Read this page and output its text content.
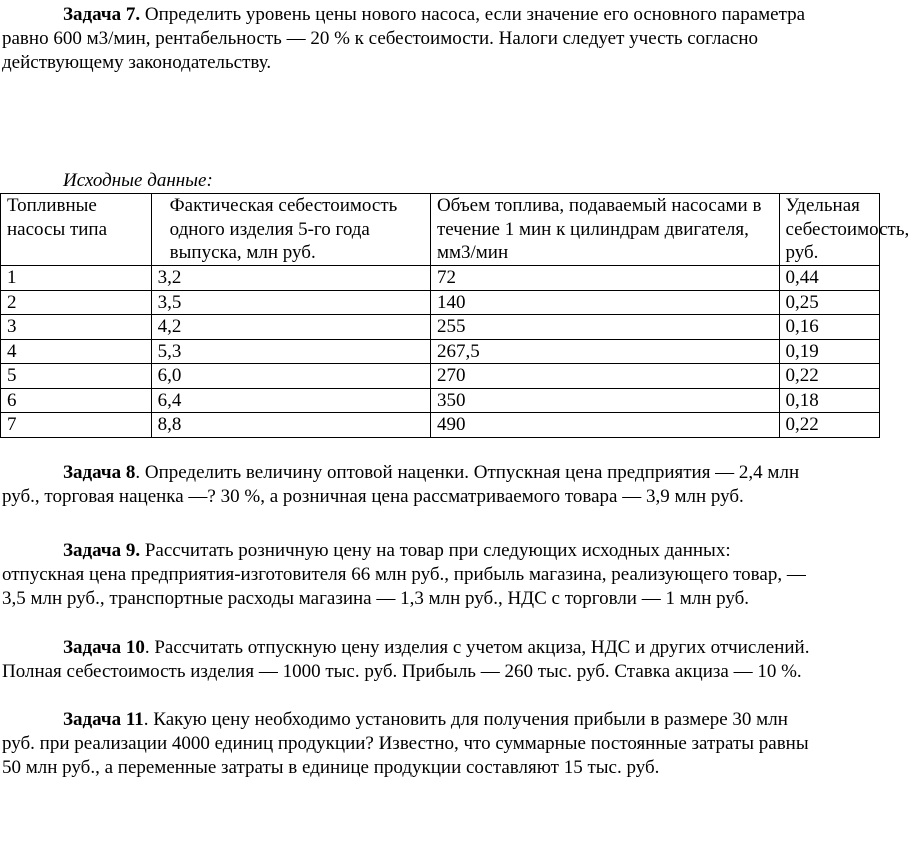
Задача 7. Определить уровень цены нового насоса, если значение его основного параметра равно 600 м3/мин, рентабельность — 20 % к себестоимости. Налоги следует учесть согласно действующему законодательству.

Исходные данные:
Топливные насосы типа	Фактическая себестоимость одного изделия 5-го года выпуска, млн руб.	Объем топлива, подаваемый насосами в течение 1 мин к цилиндрам двигателя, мм3/мин	Удельная себестоимость, руб.
1	3,2	72	0,44
2	3,5	140	0,25
3	4,2	255	0,16
4	5,3	267,5	0,19
5	6,0	270	0,22
6	6,4	350	0,18
7	8,8	490	0,22

Задача 8. Определить величину оптовой наценки. Отпускная цена предприятия — 2,4 млн руб., торговая наценка —? 30 %, а розничная цена рассматриваемого товара — 3,9 млн руб.

Задача 9. Рассчитать розничную цену на товар при следующих исходных данных: отпускная цена предприятия-изготовителя 66 млн руб., прибыль магазина, реализующего товар, — 3,5 млн руб., транспортные расходы магазина — 1,3 млн руб., НДС с торговли — 1 млн руб.

Задача 10. Рассчитать отпускную цену изделия с учетом акциза, НДС и других отчислений. Полная себестоимость изделия — 1000 тыс. руб. Прибыль — 260 тыс. руб. Ставка акциза — 10 %.

Задача 11. Какую цену необходимо установить для получения прибыли в размере 30 млн руб. при реализации 4000 единиц продукции? Известно, что суммарные постоянные затраты равны 50 млн руб., а переменные затраты в единице продукции составляют 15 тыс. руб.
